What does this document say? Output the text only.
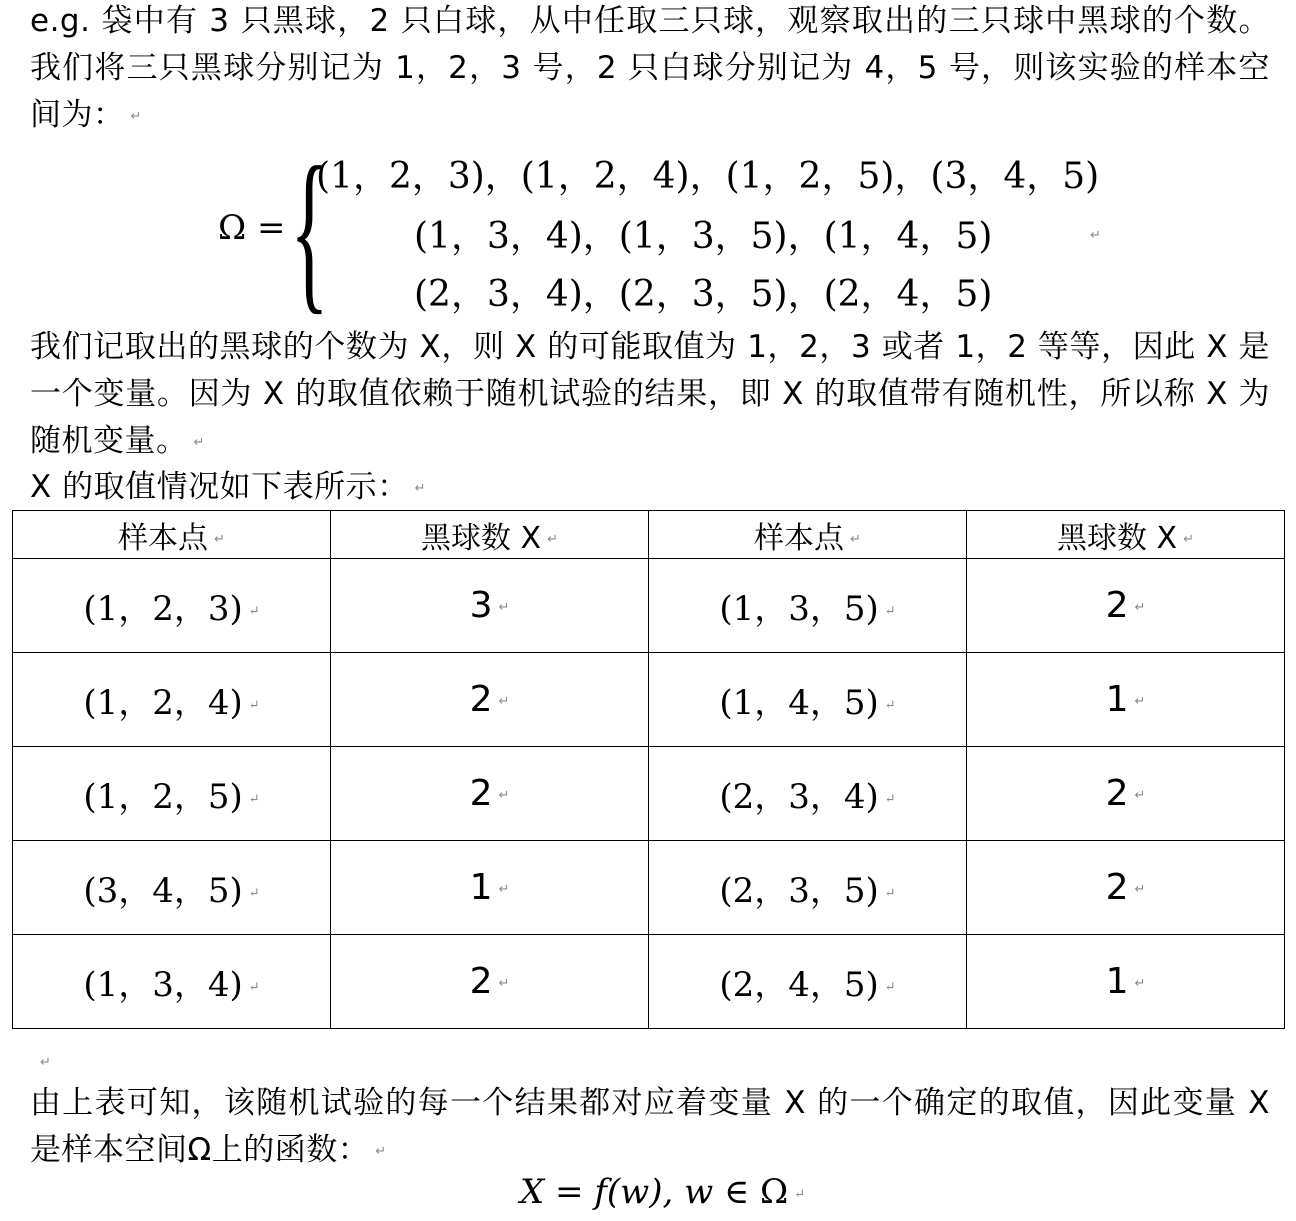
e.g. 袋中有 3 只黑球，2 只白球，从中任取三只球，观察取出的三只球中黑球的个数。我们将三只黑球分别记为 1，2，3 号，2 只白球分别记为 4，5 号，则该实验的样本空间为： ↵
Ω = {
(1，2，3)，(1，2，4)，(1，2，5)，(3，4，5)
(1，3，4)，(1，3，5)，(1，4，5)
(2，3，4)，(2，3，5)，(2，4，5)
↵
我们记取出的黑球的个数为 X，则 X 的可能取值为 1，2，3 或者 1，2 等等，因此 X 是一个变量。因为 X 的取值依赖于随机试验的结果，即 X 的取值带有随机性，所以称 X 为随机变量。 ↵
X 的取值情况如下表所示： ↵
样本点 ↵	黑球数 X ↵	样本点 ↵	黑球数 X ↵
(1，2，3) ↵	3 ↵	(1，3，5) ↵	2 ↵
(1，2，4) ↵	2 ↵	(1，4，5) ↵	1 ↵
(1，2，5) ↵	2 ↵	(2，3，4) ↵	2 ↵
(3，4，5) ↵	1 ↵	(2，3，5) ↵	2 ↵
(1，3，4) ↵	2 ↵	(2，4，5) ↵	1 ↵
↵
由上表可知，该随机试验的每一个结果都对应着变量 X 的一个确定的取值，因此变量 X 是样本空间Ω上的函数： ↵
X = f(w), w ∈ Ω ↵
